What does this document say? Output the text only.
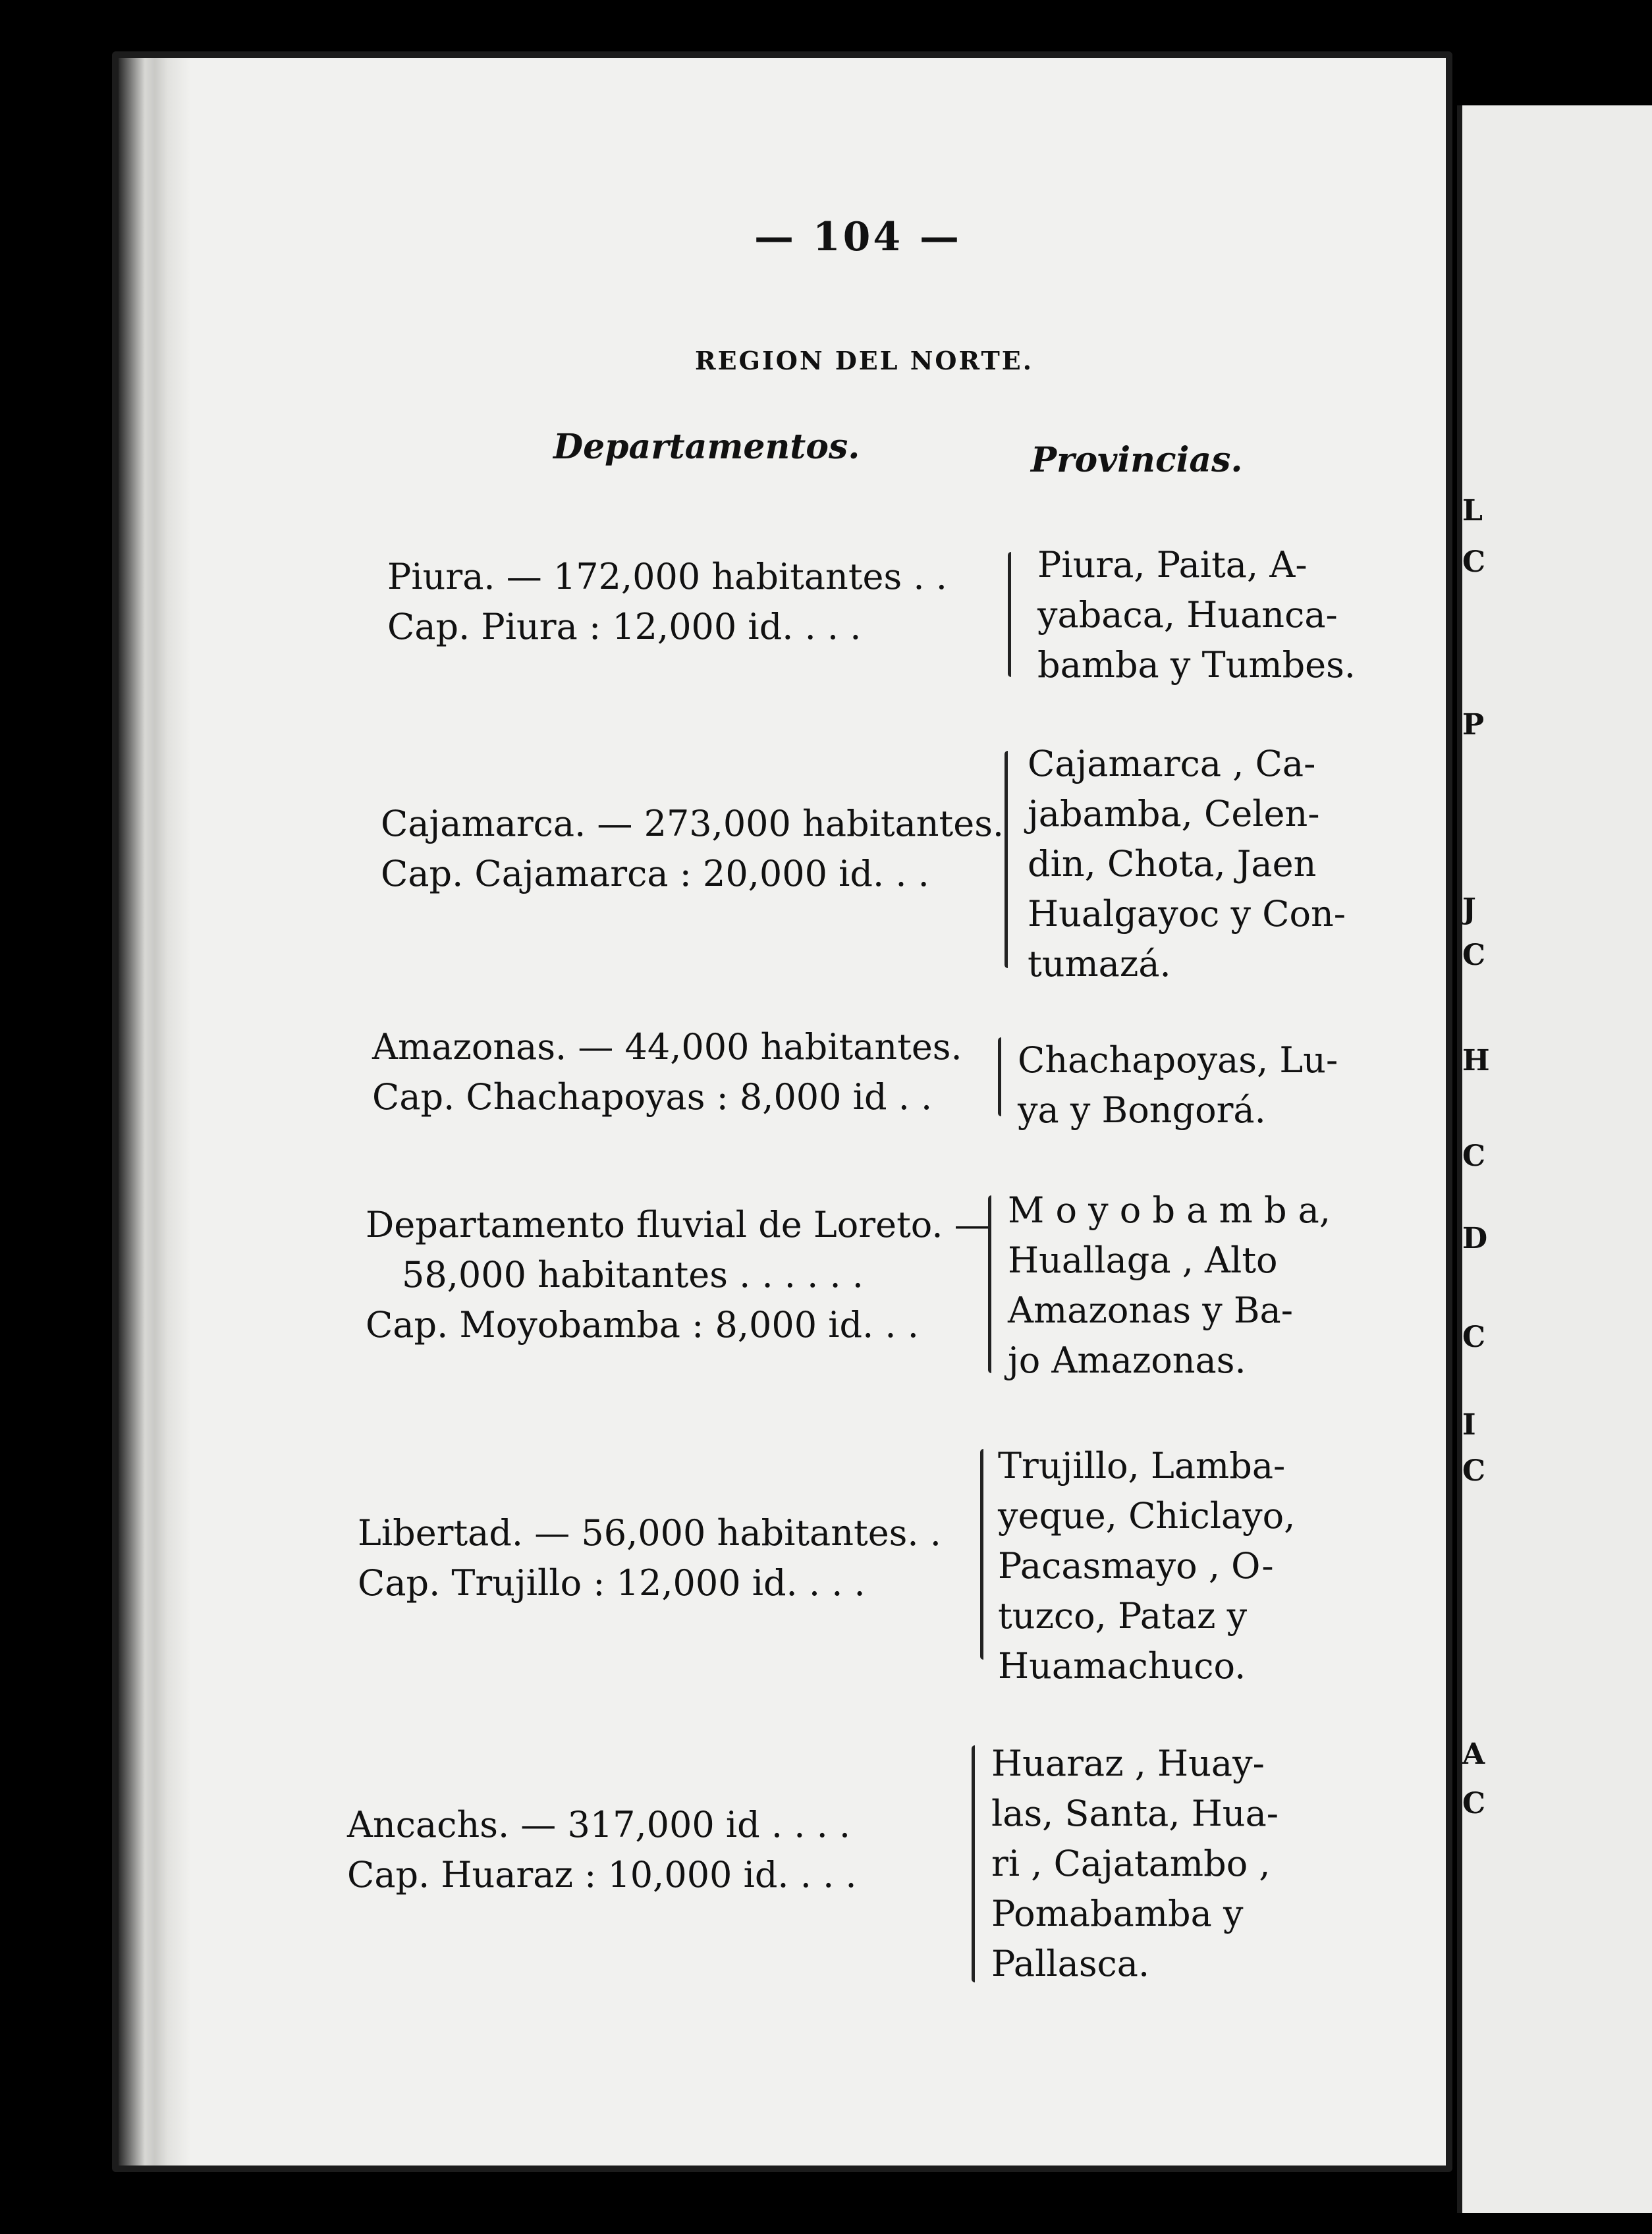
L
C
P
J
C
H
C
D
C
I
C
A
C
— 104 —
REGION DEL NORTE.
Departamentos.	Provincias.
Piura. — 172,000 habitantes . .
Cap. Piura : 12,000 id. . . .
Piura, Paita, A-
yabaca, Huanca-
bamba y Tumbes.
Cajamarca. — 273,000 habitantes.
Cap. Cajamarca : 20,000 id. . .
Cajamarca , Ca-
jabamba, Celen-
din, Chota, Jaen
Hualgayoc y Con-
tumazá.
Amazonas. — 44,000 habitantes.
Cap. Chachapoyas : 8,000 id . .
Chachapoyas, Lu-
ya y Bongorá.
Departamento fluvial de Loreto. —
58,000 habitantes . . . . . .
Cap. Moyobamba : 8,000 id. . .
M o y o b a m b a,
Huallaga , Alto
Amazonas y Ba-
jo Amazonas.
Libertad. — 56,000 habitantes. .
Cap. Trujillo : 12,000 id. . . .
Trujillo, Lamba-
yeque, Chiclayo,
Pacasmayo , O-
tuzco, Pataz y
Huamachuco.
Ancachs. — 317,000 id . . . .
Cap. Huaraz : 10,000 id. . . .
Huaraz , Huay-
las, Santa, Hua-
ri , Cajatambo ,
Pomabamba y
Pallasca.
